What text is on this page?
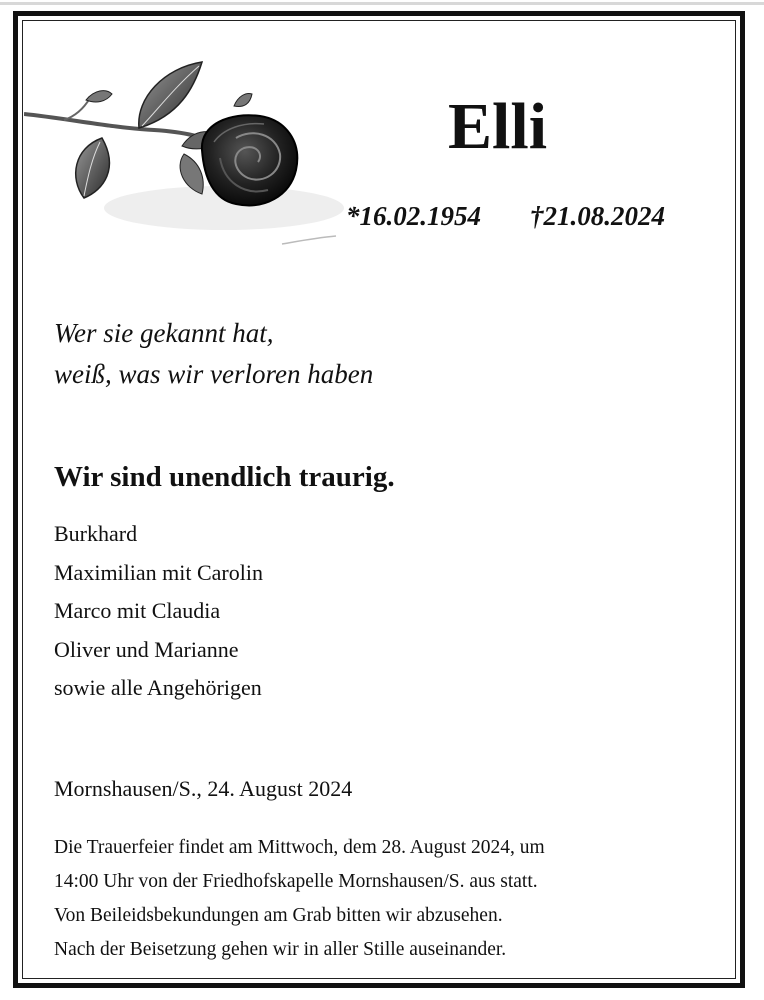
Elli
*16.02.1954 †21.08.2024
Wer sie gekannt hat,
weiß, was wir verloren haben
Wir sind unendlich traurig.
Burkhard
Maximilian mit Carolin
Marco mit Claudia
Oliver und Marianne
sowie alle Angehörigen
Mornshausen/S., 24. August 2024
Die Trauerfeier findet am Mittwoch, dem 28. August 2024, um
14:00 Uhr von der Friedhofskapelle Mornshausen/S. aus statt.
Von Beileidsbekundungen am Grab bitten wir abzusehen.
Nach der Beisetzung gehen wir in aller Stille auseinander.
